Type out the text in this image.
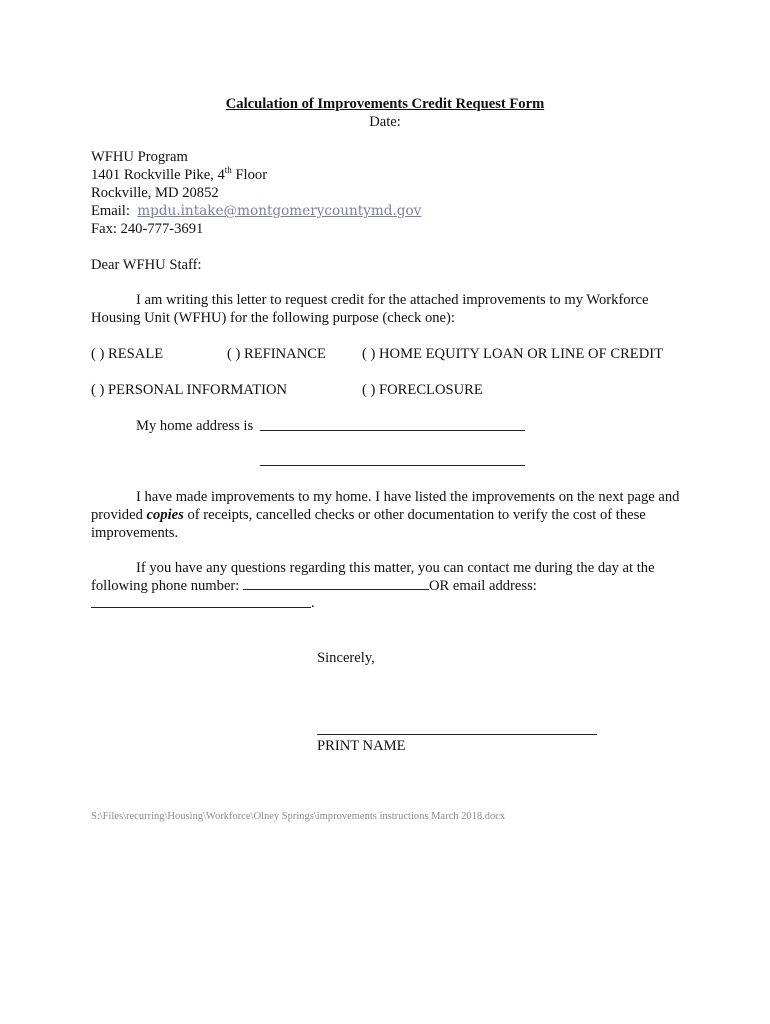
Calculation of Improvements Credit Request Form
Date:
WFHU Program
1401 Rockville Pike, 4th Floor
Rockville, MD 20852
Email:  mpdu.intake@montgomerycountymd.gov
Fax: 240-777-3691
Dear WFHU Staff:
I am writing this letter to request credit for the attached improvements to my Workforce Housing Unit (WFHU) for the following purpose (check one):
( ) RESALE	( ) REFINANCE ( ) HOME EQUITY LOAN OR LINE OF CREDIT
( ) PERSONAL INFORMATION	( ) FORECLOSURE
My home address is
I have made improvements to my home. I have listed the improvements on the next page and provided copies of receipts, cancelled checks or other documentation to verify the cost of these improvements.
If you have any questions regarding this matter, you can contact me during the day at the following phone number:	OR email address:
.
Sincerely,
PRINT NAME
S:\Files\recurring\Housing\Workforce\Olney Springs\improvements instructions March 2018.docx
